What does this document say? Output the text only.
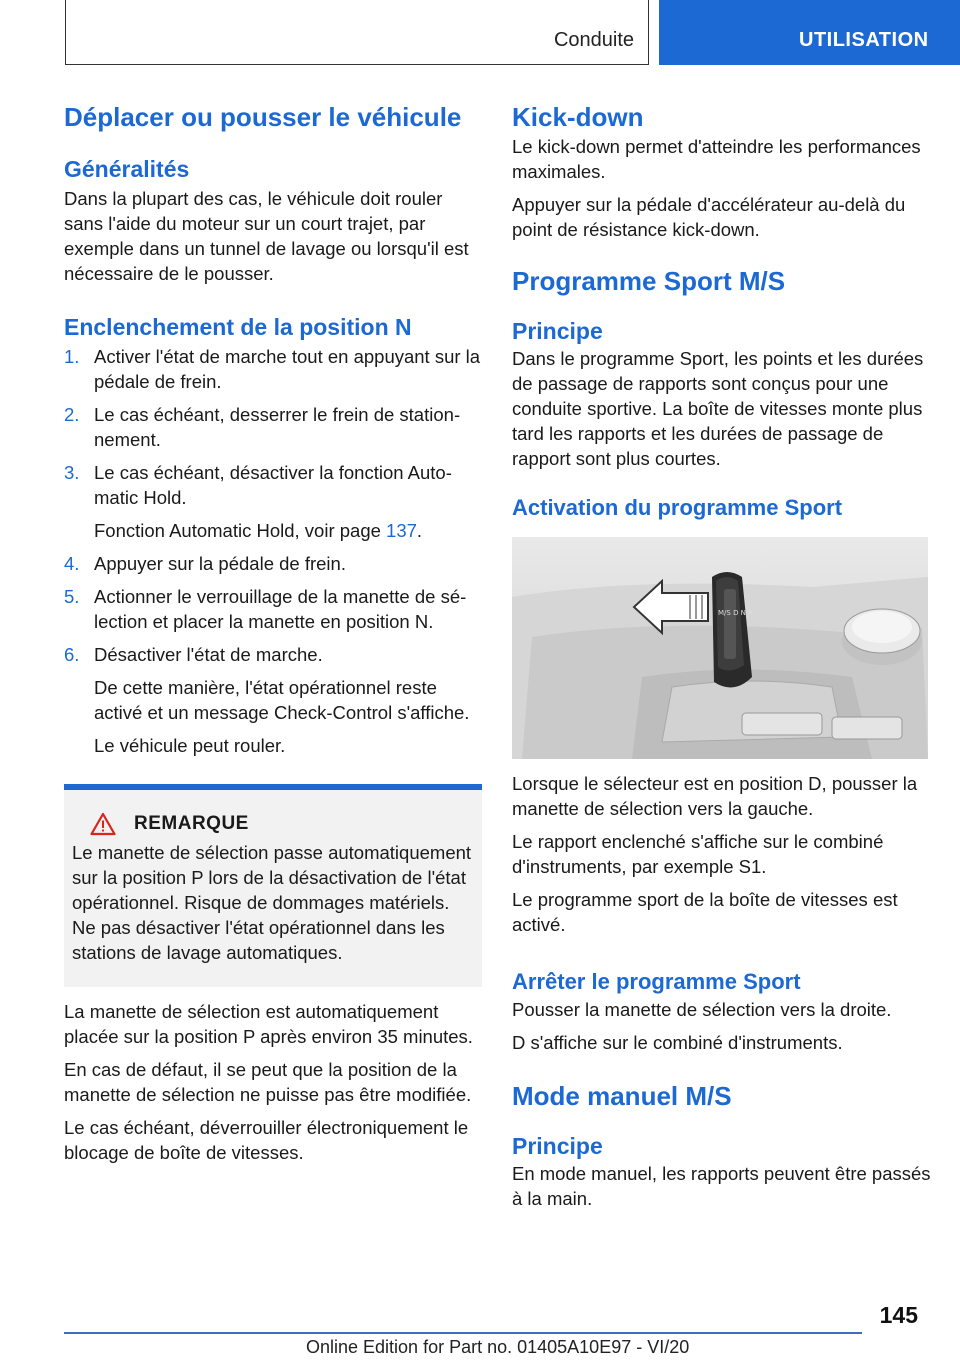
Conduite	UTILISATION
Déplacer ou pousser le véhicule
Généralités

Dans la plupart des cas, le véhicule doit rouler sans l'aide du moteur sur un court trajet, par exemple dans un tunnel de lavage ou lorsqu'il est nécessaire de le pousser.

Enclenchement de la position N
1. Activer l'état de marche tout en appuyant sur la pédale de frein.
2. Le cas échéant, desserrer le frein de stationnement.
3. Le cas échéant, désactiver la fonction Automatic Hold.
Fonction Automatic Hold, voir page 137.
4. Appuyer sur la pédale de frein.
5. Actionner le verrouillage de la manette de sélection et placer la manette en position N.
6. Désactiver l'état de marche.
De cette manière, l'état opérationnel reste activé et un message Check-Control s'affiche.
Le véhicule peut rouler.
REMARQUE

Le manette de sélection passe automatiquement sur la position P lors de la désactivation de l'état opérationnel. Risque de dommages matériels. Ne pas désactiver l'état opérationnel dans les stations de lavage automatiques.

La manette de sélection est automatiquement placée sur la position P après environ 35 minutes.

En cas de défaut, il se peut que la position de la manette de sélection ne puisse pas être modifiée.

Le cas échéant, déverrouiller électroniquement le blocage de boîte de vitesses.

Kick-down

Le kick-down permet d'atteindre les performances maximales.

Appuyer sur la pédale d'accélérateur au-delà du point de résistance kick-down.

Programme Sport M/S
Principe

Dans le programme Sport, les points et les durées de passage de rapports sont conçus pour une conduite sportive. La boîte de vitesses monte plus tard les rapports et les durées de passage de rapport sont plus courtes.

Activation du programme Sport
M/S D N R

Lorsque le sélecteur est en position D, pousser la manette de sélection vers la gauche.

Le rapport enclenché s'affiche sur le combiné d'instruments, par exemple S1.

Le programme sport de la boîte de vitesses est activé.

Arrêter le programme Sport

Pousser la manette de sélection vers la droite.

D s'affiche sur le combiné d'instruments.

Mode manuel M/S
Principe

En mode manuel, les rapports peuvent être passés à la main.

145
Online Edition for Part no. 01405A10E97 - VI/20
